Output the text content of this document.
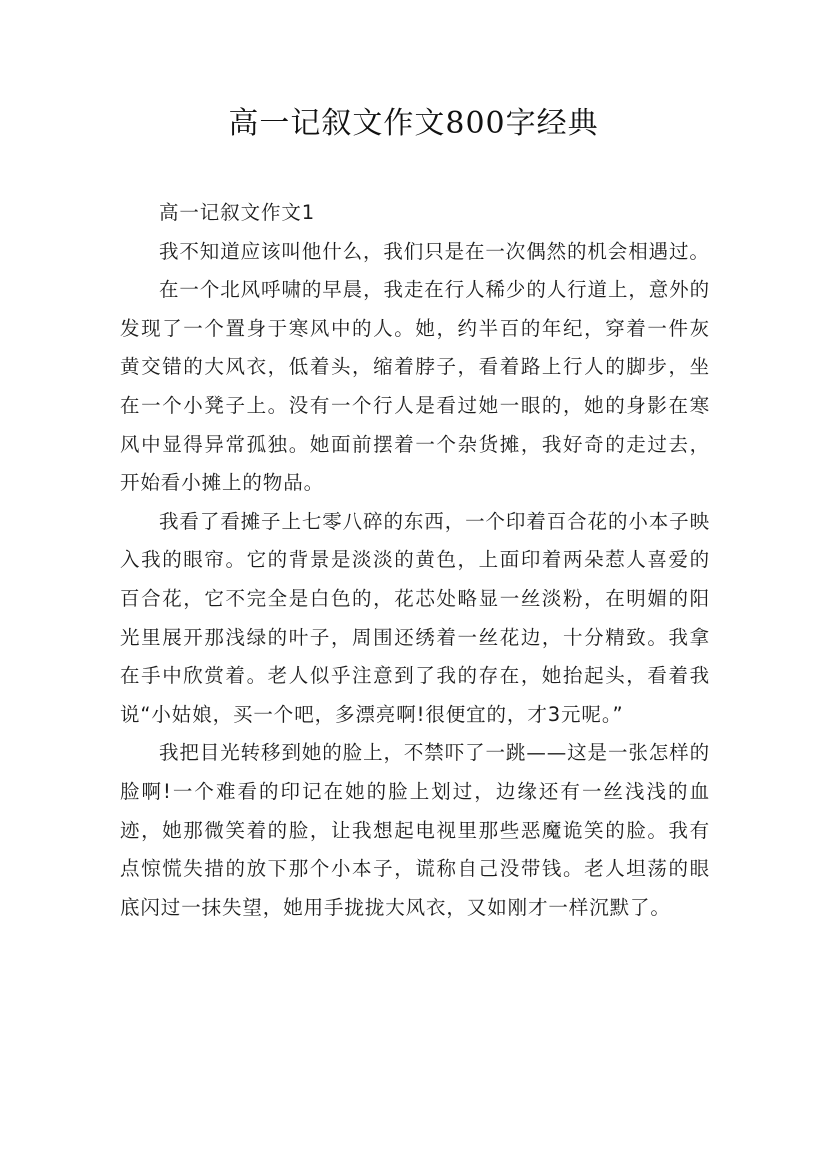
高一记叙文作文800字经典

高一记叙文作文1

我不知道应该叫他什么，我们只是在一次偶然的机会相遇过。

在一个北风呼啸的早晨，我走在行人稀少的人行道上，意外的发现了一个置身于寒风中的人。她，约半百的年纪，穿着一件灰黄交错的大风衣，低着头，缩着脖子，看着路上行人的脚步，坐在一个小凳子上。没有一个行人是看过她一眼的，她的身影在寒风中显得异常孤独。她面前摆着一个杂货摊，我好奇的走过去，开始看小摊上的物品。

我看了看摊子上七零八碎的东西，一个印着百合花的小本子映入我的眼帘。它的背景是淡淡的黄色，上面印着两朵惹人喜爱的百合花，它不完全是白色的，花芯处略显一丝淡粉，在明媚的阳光里展开那浅绿的叶子，周围还绣着一丝花边，十分精致。我拿在手中欣赏着。老人似乎注意到了我的存在，她抬起头，看着我说“小姑娘，买一个吧，多漂亮啊!很便宜的，才3元呢。”

我把目光转移到她的脸上，不禁吓了一跳——这是一张怎样的脸啊!一个难看的印记在她的脸上划过，边缘还有一丝浅浅的血迹，她那微笑着的脸，让我想起电视里那些恶魔诡笑的脸。我有点惊慌失措的放下那个小本子，谎称自己没带钱。老人坦荡的眼底闪过一抹失望，她用手拢拢大风衣，又如刚才一样沉默了。
